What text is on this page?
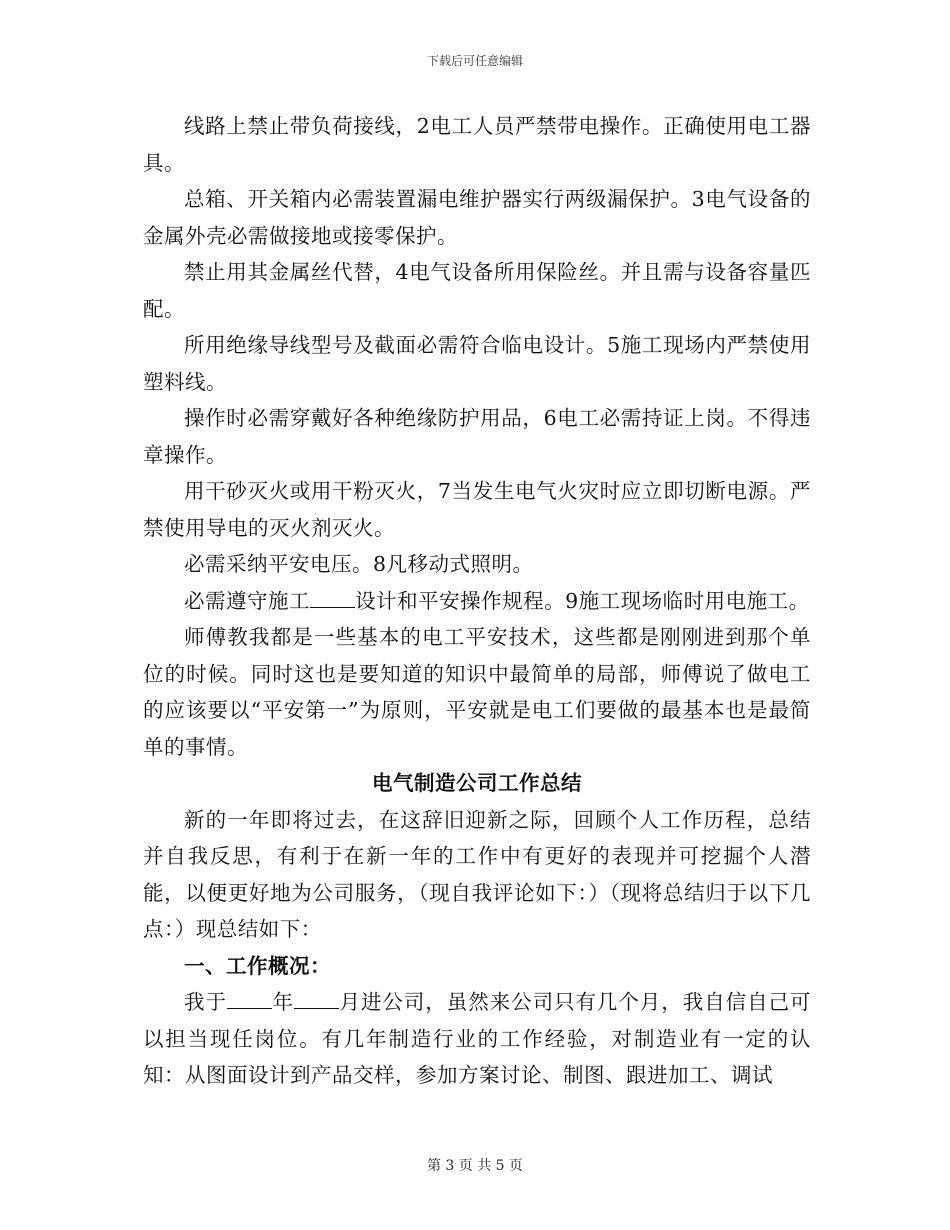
下载后可任意编辑

线路上禁止带负荷接线，2电工人员严禁带电操作。正确使用电工器具。

总箱、开关箱内必需装置漏电维护器实行两级漏保护。3电气设备的金属外壳必需做接地或接零保护。

禁止用其金属丝代替，4电气设备所用保险丝。并且需与设备容量匹配。

所用绝缘导线型号及截面必需符合临电设计。5施工现场内严禁使用塑料线。

操作时必需穿戴好各种绝缘防护用品，6电工必需持证上岗。不得违章操作。

用干砂灭火或用干粉灭火，7当发生电气火灾时应立即切断电源。严禁使用导电的灭火剂灭火。

必需采纳平安电压。8凡移动式照明。

必需遵守施工 设计和平安操作规程。9施工现场临时用电施工。

师傅教我都是一些基本的电工平安技术，这些都是刚刚进到那个单位的时候。同时这也是要知道的知识中最简单的局部，师傅说了做电工的应该要以“平安第一”为原则，平安就是电工们要做的最基本也是最简单的事情。

电气制造公司工作总结

新的一年即将过去，在这辞旧迎新之际，回顾个人工作历程，总结并自我反思，有利于在新一年的工作中有更好的表现并可挖掘个人潜能，以便更好地为公司服务，（现自我评论如下：）（现将总结归于以下几点：）现总结如下：

一、工作概况：

我于 年 月进公司，虽然来公司只有几个月，我自信自己可以担当现任岗位。有几年制造行业的工作经验，对制造业有一定的认知：从图面设计到产品交样，参加方案讨论、制图、跟进加工、调试

第 3 页 共 5 页
